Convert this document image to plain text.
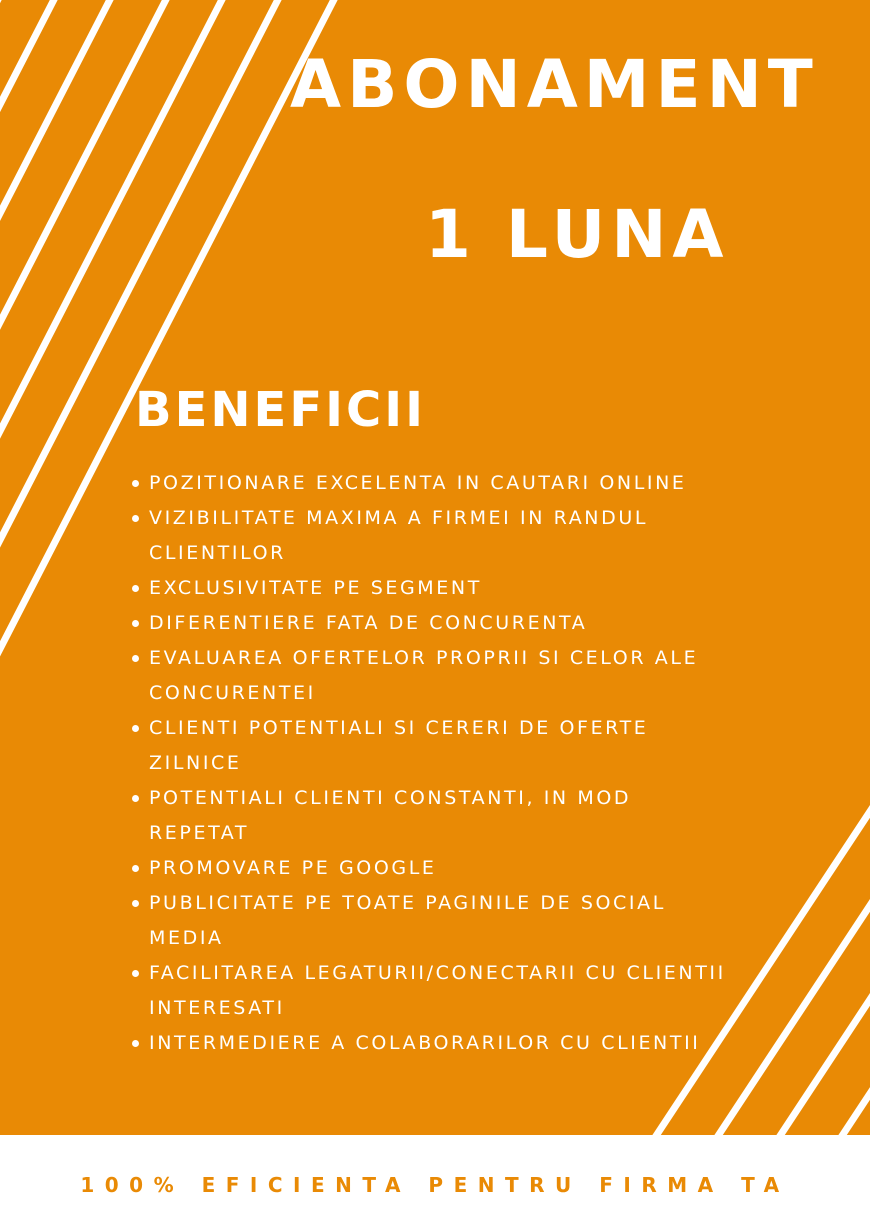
ABONAMENT
1 LUNA
BENEFICII
POZITIONARE EXCELENTA IN CAUTARI ONLINE
VIZIBILITATE MAXIMA A FIRMEI IN RANDUL CLIENTILOR
EXCLUSIVITATE PE SEGMENT
DIFERENTIERE FATA DE CONCURENTA
EVALUAREA OFERTELOR PROPRII SI CELOR ALE CONCURENTEI
CLIENTI POTENTIALI SI CERERI DE OFERTE ZILNICE
POTENTIALI CLIENTI CONSTANTI, IN MOD REPETAT
PROMOVARE PE GOOGLE
PUBLICITATE PE TOATE PAGINILE DE SOCIAL MEDIA
FACILITAREA LEGATURII/CONECTARII CU CLIENTII INTERESATI
INTERMEDIERE A COLABORARILOR CU CLIENTII
100% EFICIENTA PENTRU FIRMA TA
